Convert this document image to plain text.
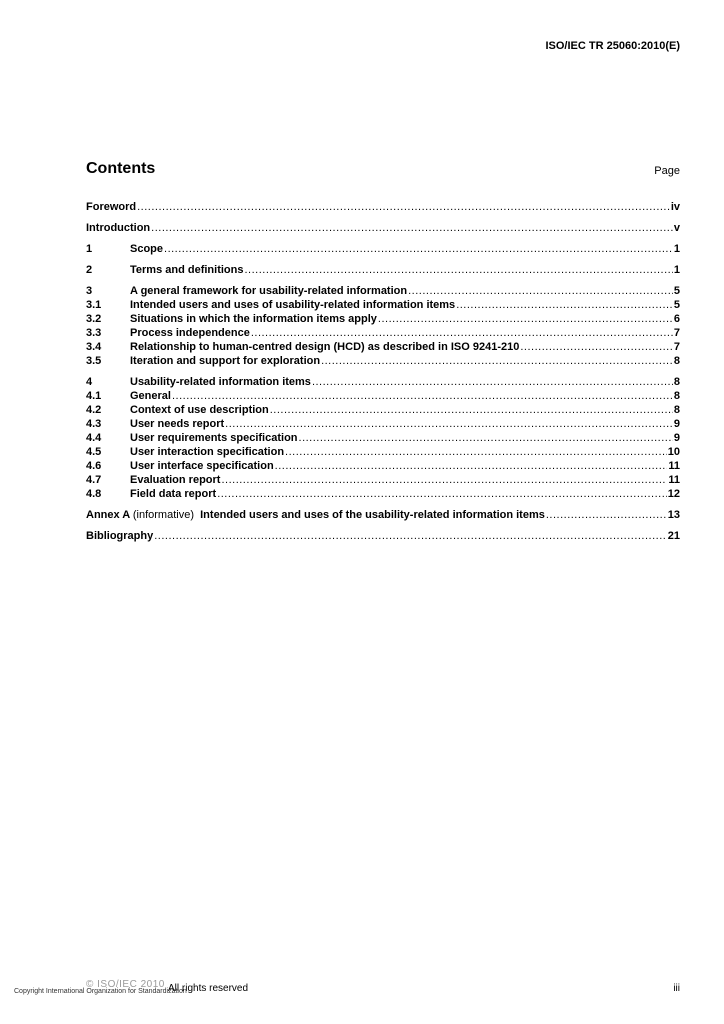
ISO/IEC TR 25060:2010(E)
Contents	Page
Foreword .....	iv
Introduction .....	v
1	Scope .....	1
2	Terms and definitions .....	1
3	A general framework for usability-related information .....	5
3.1	Intended users and uses of usability-related information items .....	5
3.2	Situations in which the information items apply .....	6
3.3	Process independence .....	7
3.4	Relationship to human-centred design (HCD) as described in ISO 9241-210 .....	7
3.5	Iteration and support for exploration .....	8
4	Usability-related information items .....	8
4.1	General .....	8
4.2	Context of use description .....	8
4.3	User needs report .....	9
4.4	User requirements specification .....	9
4.5	User interaction specification .....	10
4.6	User interface specification .....	11
4.7	Evaluation report .....	11
4.8	Field data report .....	12
Annex A (informative) Intended users and uses of the usability-related information items .....	13
Bibliography .....	21
© ISO/IEC 2010
Copyright International Organization for Standardization
All rights reserved	iii
